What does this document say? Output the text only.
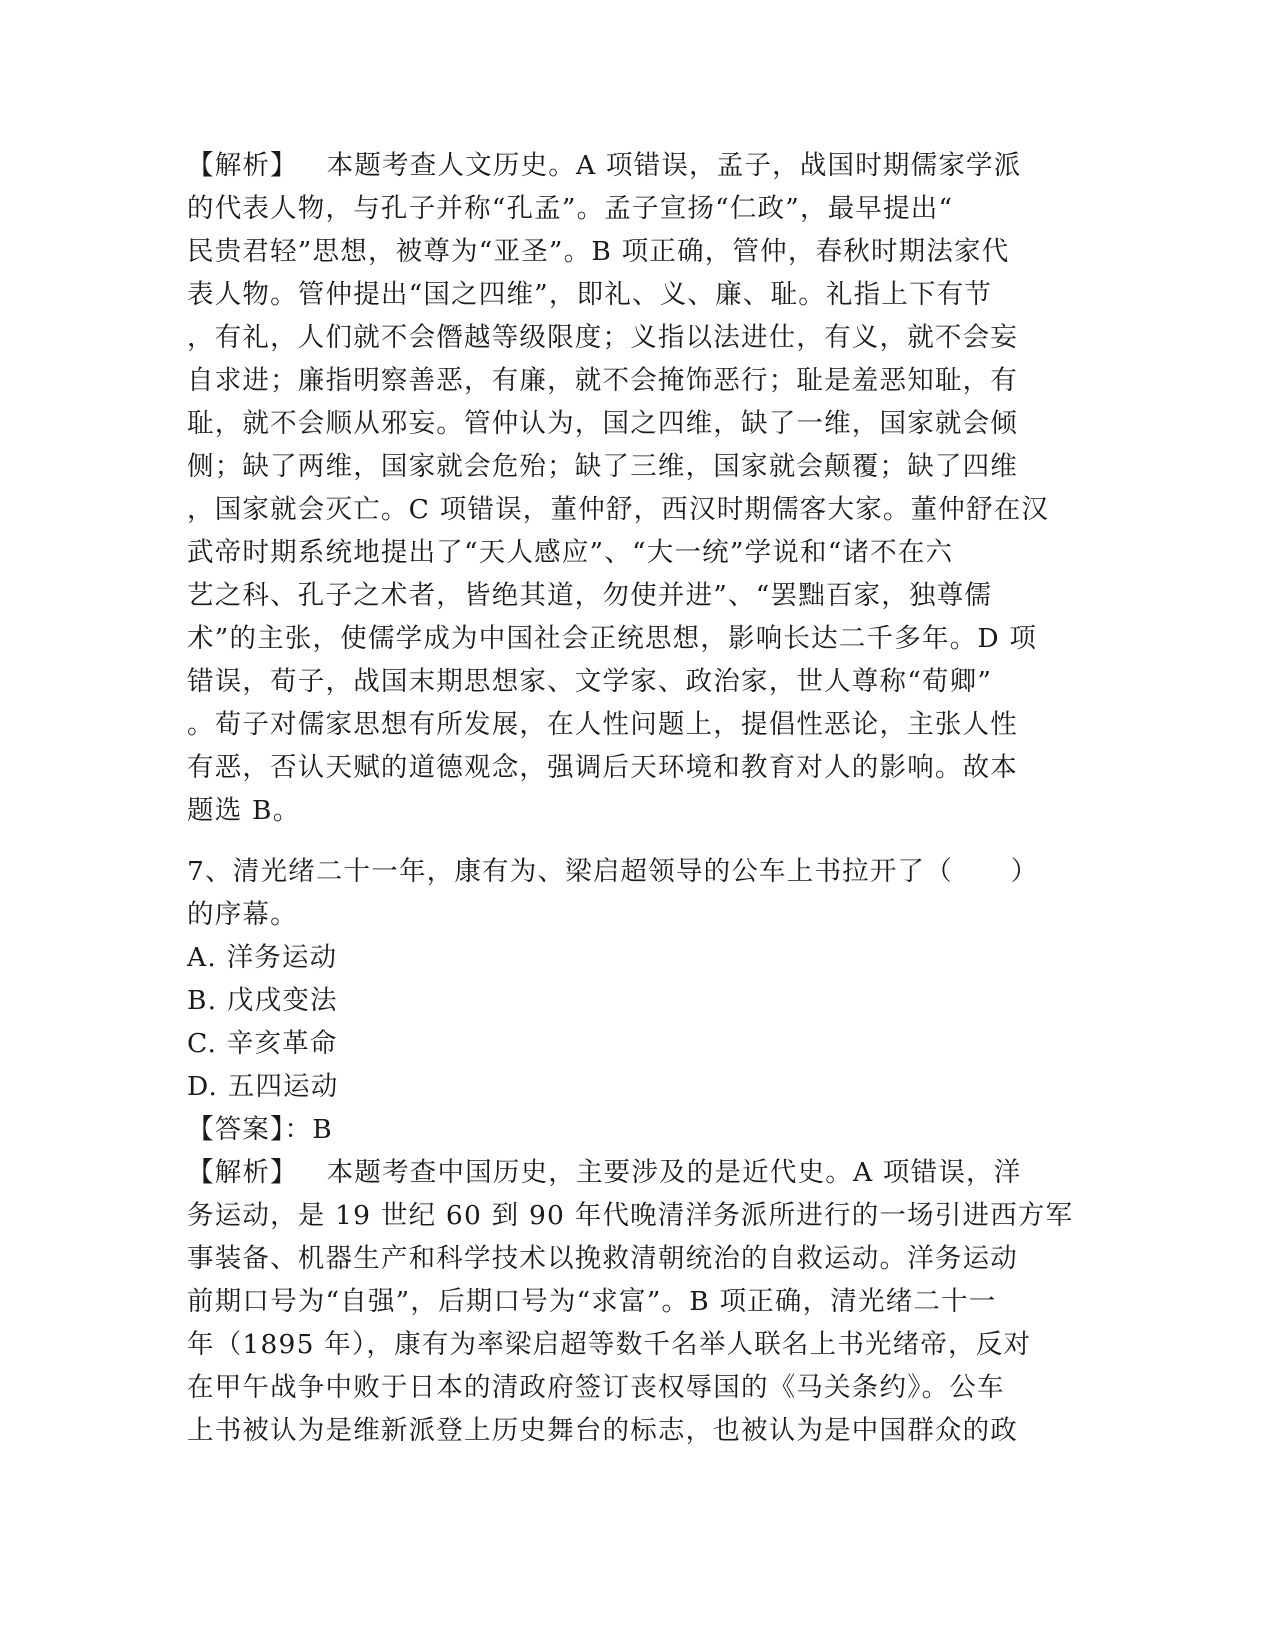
【解析】   本题考查人文历史。A 项错误，孟子，战国时期儒家学派
的代表人物，与孔子并称“孔孟”。孟子宣扬“仁政”，最早提出“
民贵君轻”思想，被尊为“亚圣”。B 项正确，管仲，春秋时期法家代
表人物。管仲提出“国之四维”，即礼、义、廉、耻。礼指上下有节
，有礼，人们就不会僭越等级限度；义指以法进仕，有义，就不会妄
自求进；廉指明察善恶，有廉，就不会掩饰恶行；耻是羞恶知耻，有
耻，就不会顺从邪妄。管仲认为，国之四维，缺了一维，国家就会倾
侧；缺了两维，国家就会危殆；缺了三维，国家就会颠覆；缺了四维
，国家就会灭亡。C 项错误，董仲舒，西汉时期儒客大家。董仲舒在汉
武帝时期系统地提出了“天人感应”、“大一统”学说和“诸不在六
艺之科、孔子之术者，皆绝其道，勿使并进”、“罢黜百家，独尊儒
术”的主张，使儒学成为中国社会正统思想，影响长达二千多年。D 项
错误，荀子，战国末期思想家、文学家、政治家，世人尊称“荀卿”
。荀子对儒家思想有所发展，在人性问题上，提倡性恶论，主张人性
有恶，否认天赋的道德观念，强调后天环境和教育对人的影响。故本
题选 B。
7、清光绪二十一年，康有为、梁启超领导的公车上书拉开了（      ）
的序幕。
A. 洋务运动
B. 戊戌变法
C. 辛亥革命
D. 五四运动
【答案】：B
【解析】   本题考查中国历史，主要涉及的是近代史。A 项错误，洋
务运动，是 19 世纪 60 到 90 年代晚清洋务派所进行的一场引进西方军
事装备、机器生产和科学技术以挽救清朝统治的自救运动。洋务运动
前期口号为“自强”，后期口号为“求富”。B 项正确，清光绪二十一
年（1895 年），康有为率梁启超等数千名举人联名上书光绪帝，反对
在甲午战争中败于日本的清政府签订丧权辱国的《马关条约》。公车
上书被认为是维新派登上历史舞台的标志，也被认为是中国群众的政
